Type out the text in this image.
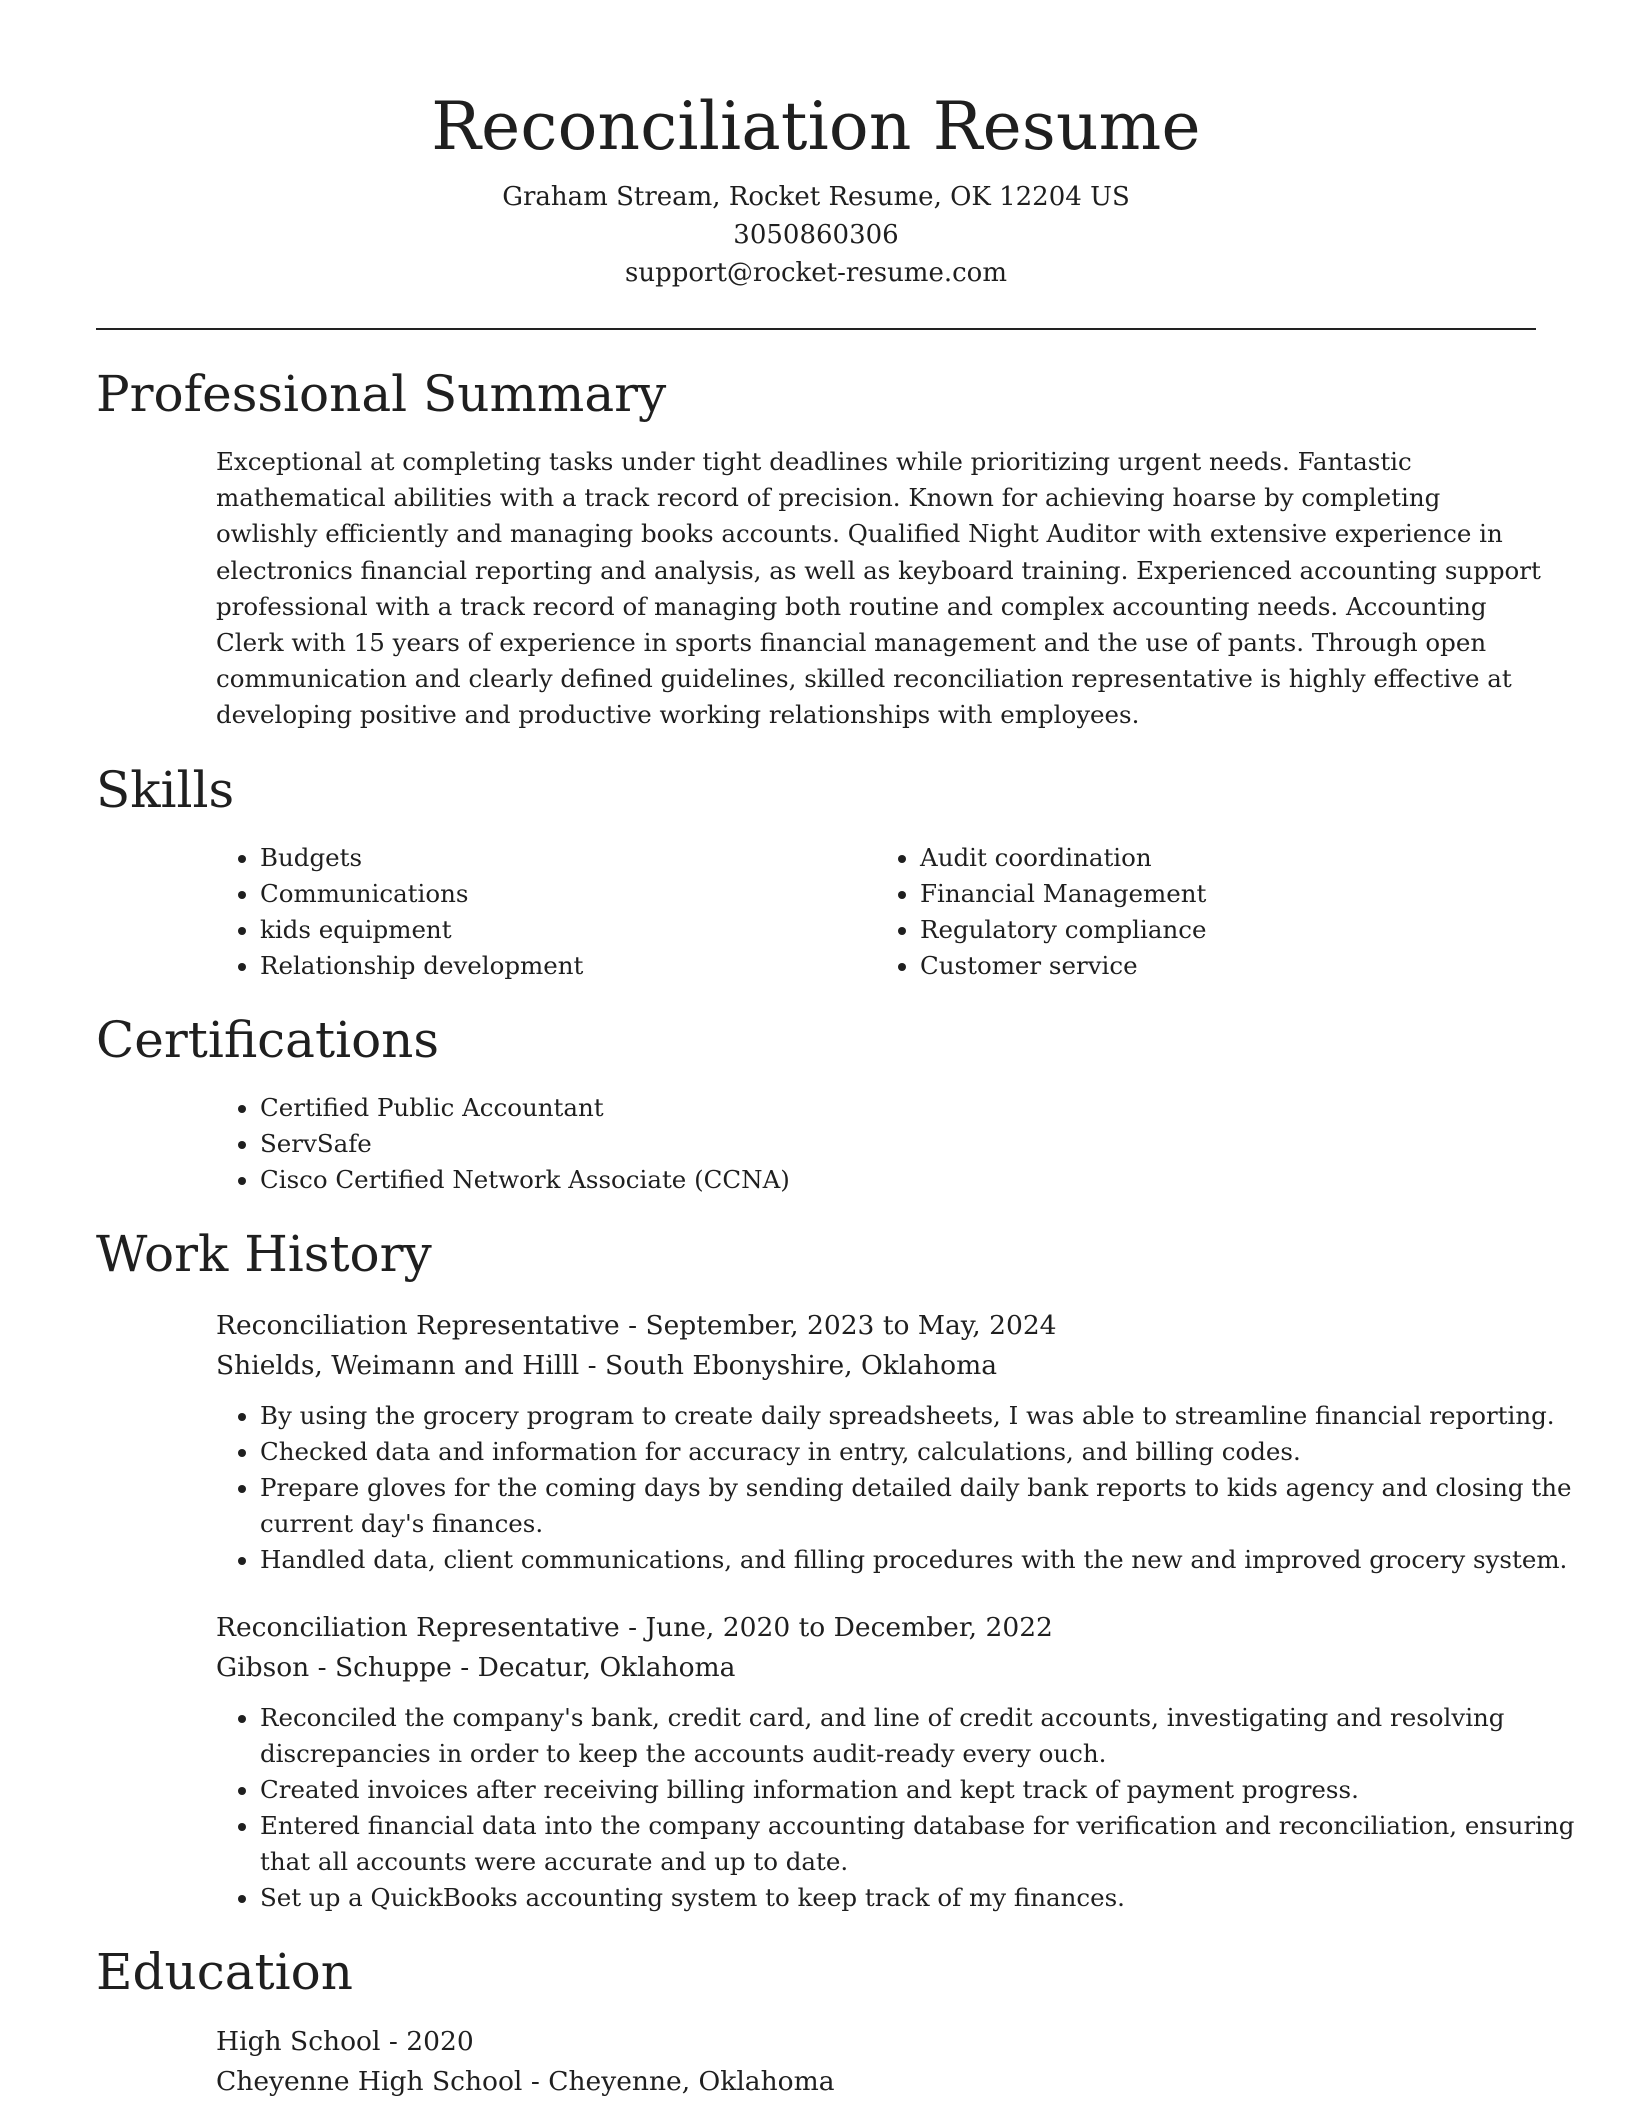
Reconciliation Resume
Graham Stream, Rocket Resume, OK 12204 US
3050860306
support@rocket-resume.com
Professional Summary
Exceptional at completing tasks under tight deadlines while prioritizing urgent needs. Fantastic mathematical abilities with a track record of precision. Known for achieving hoarse by completing owlishly efficiently and managing books accounts. Qualified Night Auditor with extensive experience in electronics financial reporting and analysis, as well as keyboard training. Experienced accounting support professional with a track record of managing both routine and complex accounting needs. Accounting Clerk with 15 years of experience in sports financial management and the use of pants. Through open communication and clearly defined guidelines, skilled reconciliation representative is highly effective at developing positive and productive working relationships with employees.
Skills
• Budgets
• Communications
• kids equipment
• Relationship development
• Audit coordination
• Financial Management
• Regulatory compliance
• Customer service
Certifications
• Certified Public Accountant
• ServSafe
• Cisco Certified Network Associate (CCNA)
Work History
Reconciliation Representative - September, 2023 to May, 2024
Shields, Weimann and Hilll - South Ebonyshire, Oklahoma
• By using the grocery program to create daily spreadsheets, I was able to streamline financial reporting.
• Checked data and information for accuracy in entry, calculations, and billing codes.
• Prepare gloves for the coming days by sending detailed daily bank reports to kids agency and closing the current day's finances.
• Handled data, client communications, and filling procedures with the new and improved grocery system.
Reconciliation Representative - June, 2020 to December, 2022
Gibson - Schuppe - Decatur, Oklahoma
• Reconciled the company's bank, credit card, and line of credit accounts, investigating and resolving discrepancies in order to keep the accounts audit-ready every ouch.
• Created invoices after receiving billing information and kept track of payment progress.
• Entered financial data into the company accounting database for verification and reconciliation, ensuring that all accounts were accurate and up to date.
• Set up a QuickBooks accounting system to keep track of my finances.
Education
High School - 2020
Cheyenne High School - Cheyenne, Oklahoma
